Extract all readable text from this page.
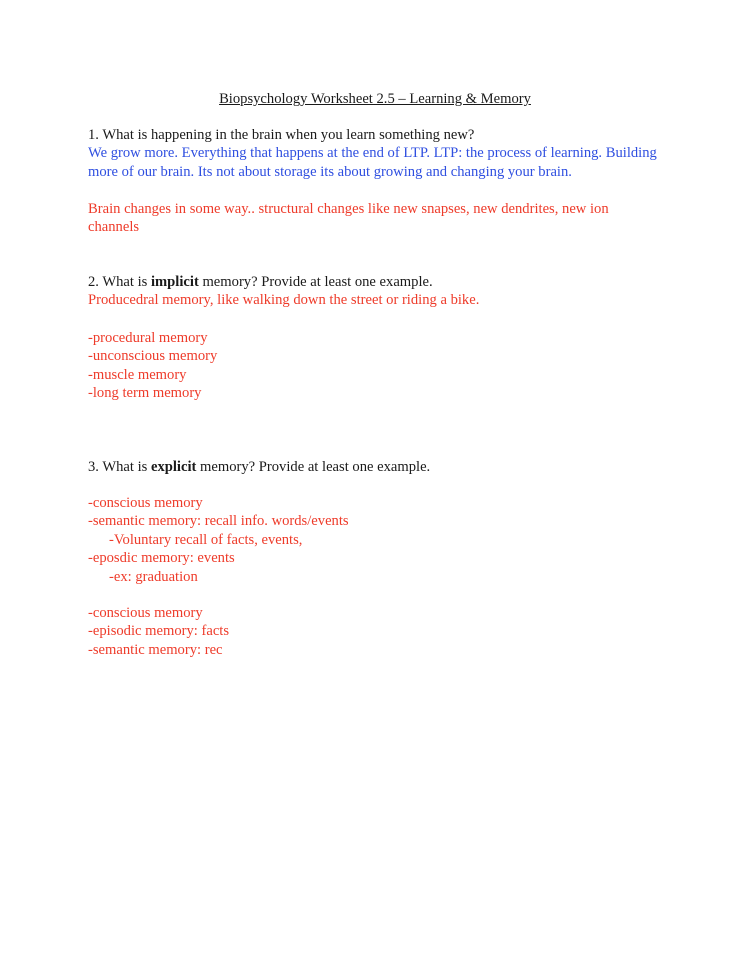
Biopsychology Worksheet 2.5 – Learning & Memory
1. What is happening in the brain when you learn something new?
We grow more. Everything that happens at the end of LTP. LTP: the process of learning. Building
more of our brain. Its not about storage its about growing and changing your brain.
Brain changes in some way.. structural changes like new snapses, new dendrites, new ion
channels
2. What is implicit memory? Provide at least one example.
Producedral memory, like walking down the street or riding a bike.
-procedural memory
-unconscious memory
-muscle memory
-long term memory
3. What is explicit memory? Provide at least one example.
-conscious memory
-semantic memory: recall info. words/events
-Voluntary recall of facts, events,
-eposdic memory: events
-ex: graduation
-conscious memory
-episodic memory: facts
-semantic memory: rec
